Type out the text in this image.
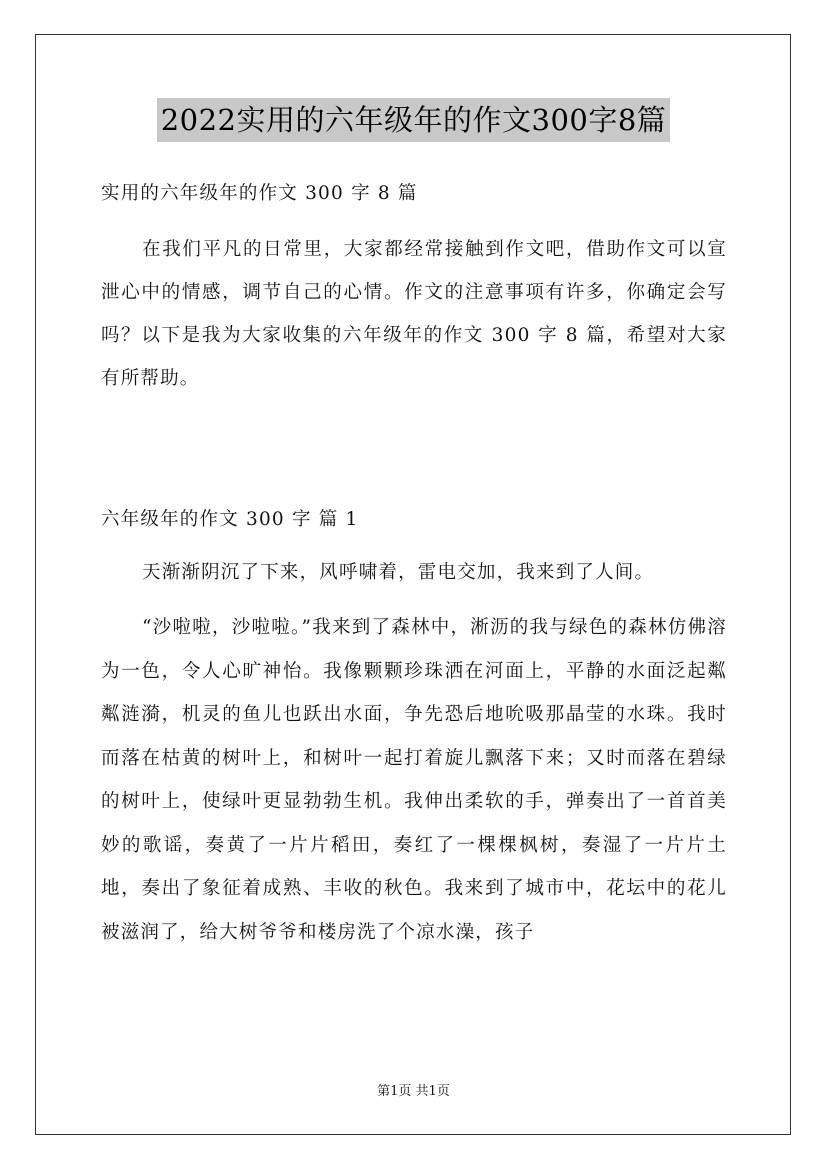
2022实用的六年级年的作文300字8篇
实用的六年级年的作文 300 字 8 篇
在我们平凡的日常里，大家都经常接触到作文吧，借助作文可以宣泄心中的情感，调节自己的心情。作文的注意事项有许多，你确定会写吗？以下是我为大家收集的六年级年的作文 300 字 8 篇，希望对大家有所帮助。
六年级年的作文 300 字 篇 1
天渐渐阴沉了下来，风呼啸着，雷电交加，我来到了人间。
“沙啦啦，沙啦啦。”我来到了森林中，淅沥的我与绿色的森林仿佛溶为一色，令人心旷神怡。我像颗颗珍珠洒在河面上，平静的水面泛起粼粼涟漪，机灵的鱼儿也跃出水面，争先恐后地吮吸那晶莹的水珠。我时而落在枯黄的树叶上，和树叶一起打着旋儿飘落下来；又时而落在碧绿的树叶上，使绿叶更显勃勃生机。我伸出柔软的手，弹奏出了一首首美妙的歌谣，奏黄了一片片稻田，奏红了一棵棵枫树，奏湿了一片片土地，奏出了象征着成熟、丰收的秋色。我来到了城市中，花坛中的花儿被滋润了，给大树爷爷和楼房洗了个凉水澡，孩子
第1页 共1页
